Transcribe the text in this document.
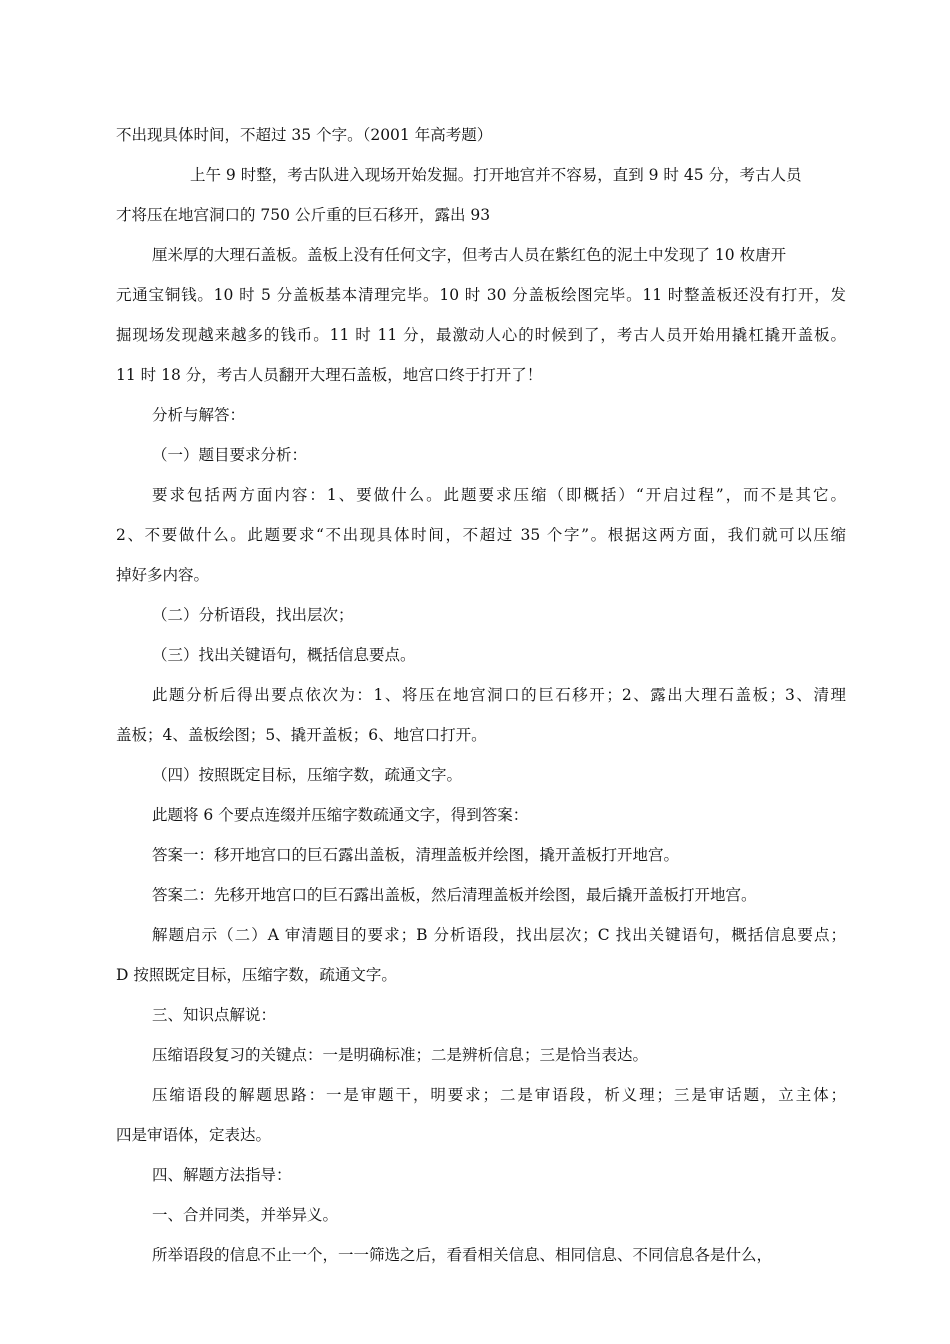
不出现具体时间，不超过 35 个字。（2001 年高考题）
上午 9 时整，考古队进入现场开始发掘。打开地宫并不容易，直到 9 时 45 分，考古人员
才将压在地宫洞口的 750 公斤重的巨石移开，露出 93
厘米厚的大理石盖板。盖板上没有任何文字，但考古人员在紫红色的泥土中发现了 10 枚唐开
元通宝铜钱。10 时 5 分盖板基本清理完毕。10 时 30 分盖板绘图完毕。11 时整盖板还没有打开，发
掘现场发现越来越多的钱币。11 时 11 分，最激动人心的时候到了，考古人员开始用撬杠撬开盖板。
11 时 18 分，考古人员翻开大理石盖板，地宫口终于打开了！
分析与解答：
（一）题目要求分析：
要求包括两方面内容：1、要做什么。此题要求压缩（即概括）“开启过程”，而不是其它。
2、不要做什么。此题要求“不出现具体时间，不超过 35 个字”。根据这两方面，我们就可以压缩
掉好多内容。
（二）分析语段，找出层次；
（三）找出关键语句，概括信息要点。
此题分析后得出要点依次为：1、将压在地宫洞口的巨石移开；2、露出大理石盖板；3、清理
盖板；4、盖板绘图；5、撬开盖板；6、地宫口打开。
（四）按照既定目标，压缩字数，疏通文字。
此题将 6 个要点连缀并压缩字数疏通文字，得到答案：
答案一：移开地宫口的巨石露出盖板，清理盖板并绘图，撬开盖板打开地宫。
答案二：先移开地宫口的巨石露出盖板，然后清理盖板并绘图，最后撬开盖板打开地宫。
解题启示（二）A 审清题目的要求；B 分析语段，找出层次；C 找出关键语句，概括信息要点；
D 按照既定目标，压缩字数，疏通文字。
三、知识点解说：
压缩语段复习的关键点：一是明确标准；二是辨析信息；三是恰当表达。
压缩语段的解题思路：一是审题干，明要求；二是审语段，析义理；三是审话题，立主体；
四是审语体，定表达。
四、解题方法指导：
一、合并同类，并举异义。
所举语段的信息不止一个，一一筛选之后，看看相关信息、相同信息、不同信息各是什么，
